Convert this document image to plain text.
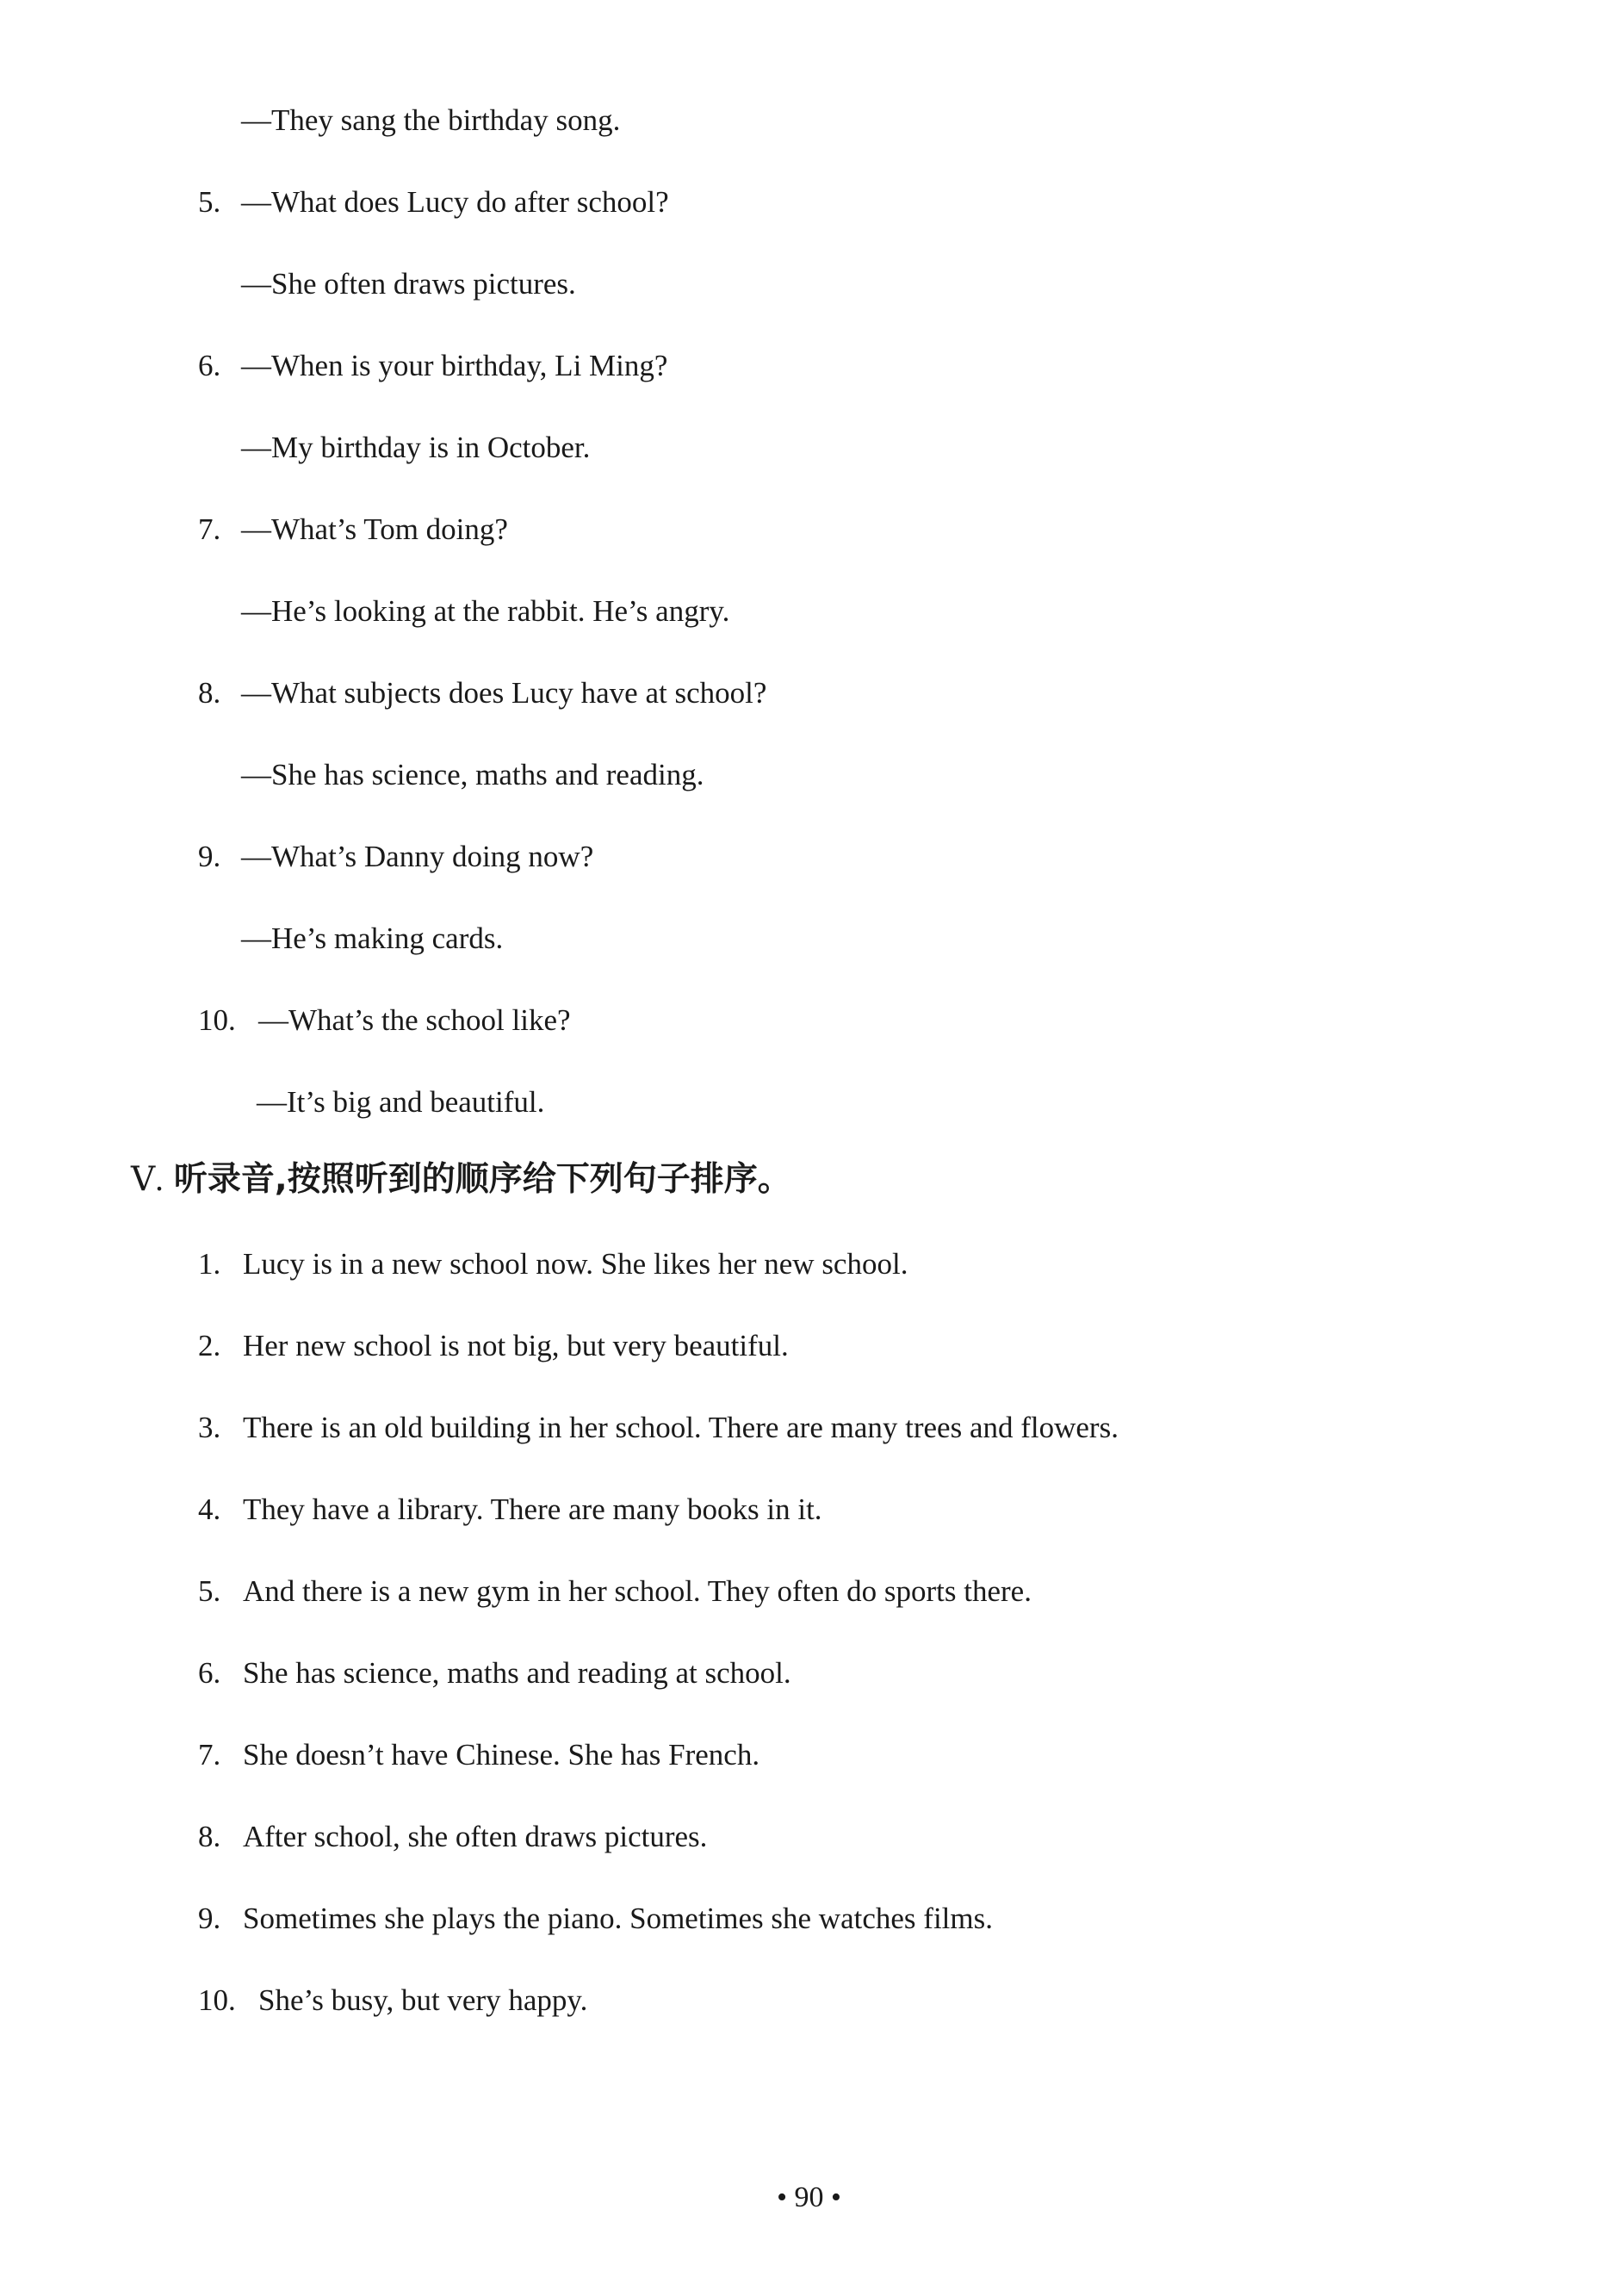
—They sang the birthday song.
5. —What does Lucy do after school?
—She often draws pictures.
6. —When is your birthday, Li Ming?
—My birthday is in October.
7. —What’s Tom doing?
—He’s looking at the rabbit. He’s angry.
8. —What subjects does Lucy have at school?
—She has science, maths and reading.
9. —What’s Danny doing now?
—He’s making cards.
10. —What’s the school like?
—It’s big and beautiful.
Ⅴ. 听录音,按照听到的顺序给下列句子排序。
1. Lucy is in a new school now. She likes her new school.
2. Her new school is not big, but very beautiful.
3. There is an old building in her school. There are many trees and flowers.
4. They have a library. There are many books in it.
5. And there is a new gym in her school. They often do sports there.
6. She has science, maths and reading at school.
7. She doesn’t have Chinese. She has French.
8. After school, she often draws pictures.
9. Sometimes she plays the piano. Sometimes she watches films.
10. She’s busy, but very happy.
• 90 •
